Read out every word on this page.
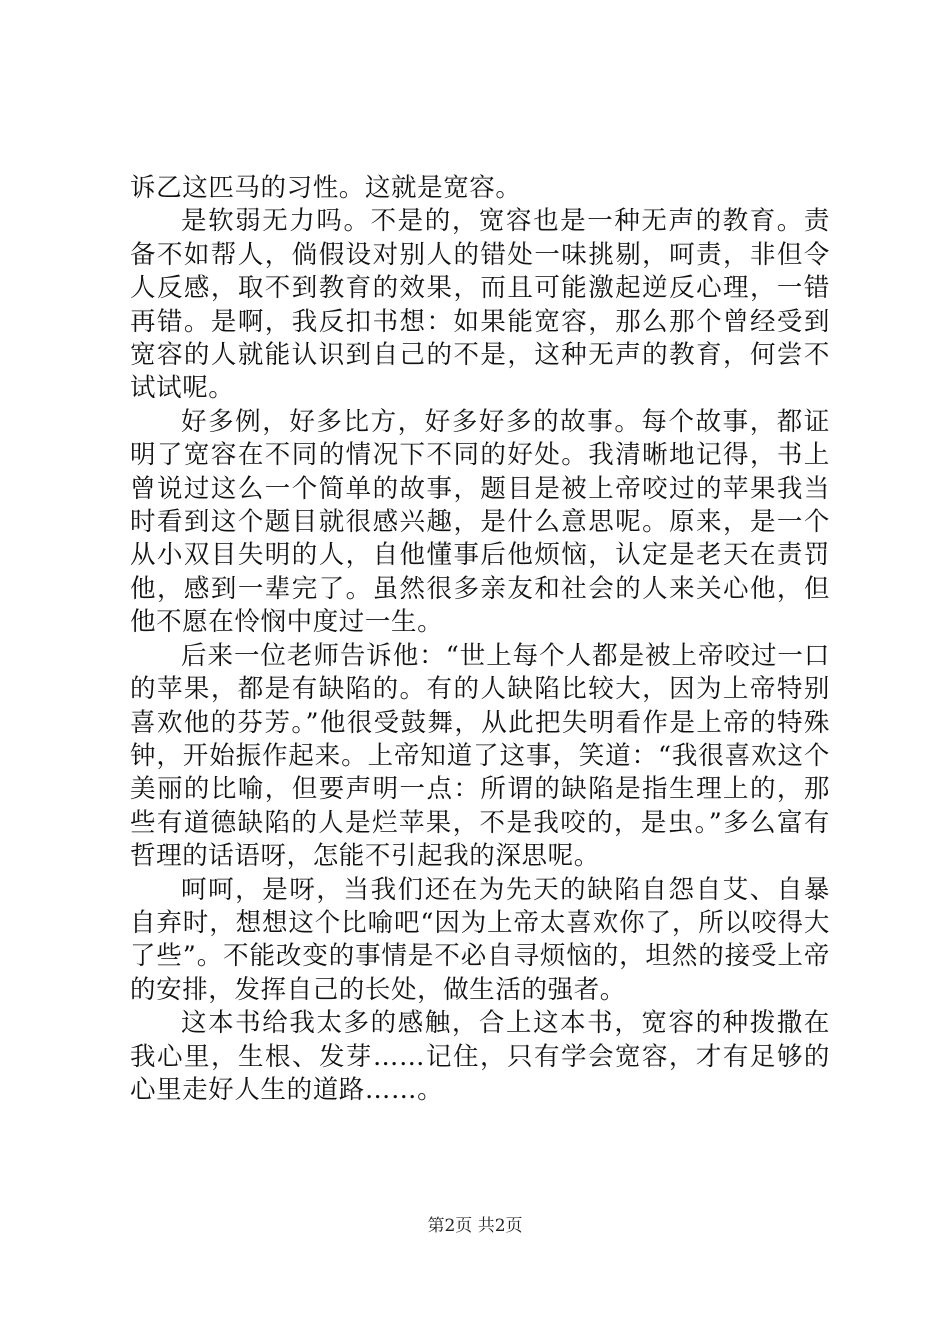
诉乙这匹马的习性。这就是宽容。

是软弱无力吗。不是的，宽容也是一种无声的教育。责备不如帮人，倘假设对别人的错处一味挑剔，呵责，非但令人反感，取不到教育的效果，而且可能激起逆反心理，一错再错。是啊，我反扣书想：如果能宽容，那么那个曾经受到宽容的人就能认识到自己的不是，这种无声的教育，何尝不试试呢。

好多例，好多比方，好多好多的故事。每个故事，都证明了宽容在不同的情况下不同的好处。我清晰地记得，书上曾说过这么一个简单的故事，题目是被上帝咬过的苹果我当时看到这个题目就很感兴趣，是什么意思呢。原来，是一个从小双目失明的人，自他懂事后他烦恼，认定是老天在责罚他，感到一辈完了。虽然很多亲友和社会的人来关心他，但他不愿在怜悯中度过一生。

后来一位老师告诉他：“世上每个人都是被上帝咬过一口的苹果，都是有缺陷的。有的人缺陷比较大，因为上帝特别喜欢他的芬芳。”他很受鼓舞，从此把失明看作是上帝的特殊钟，开始振作起来。上帝知道了这事，笑道：“我很喜欢这个美丽的比喻，但要声明一点：所谓的缺陷是指生理上的，那些有道德缺陷的人是烂苹果，不是我咬的，是虫。”多么富有哲理的话语呀，怎能不引起我的深思呢。

呵呵，是呀，当我们还在为先天的缺陷自怨自艾、自暴自弃时，想想这个比喻吧“因为上帝太喜欢你了，所以咬得大了些”。不能改变的事情是不必自寻烦恼的，坦然的接受上帝的安排，发挥自己的长处，做生活的强者。

这本书给我太多的感触，合上这本书，宽容的种拨撒在我心里，生根、发芽……记住，只有学会宽容，才有足够的心里走好人生的道路……。

第2页 共2页
